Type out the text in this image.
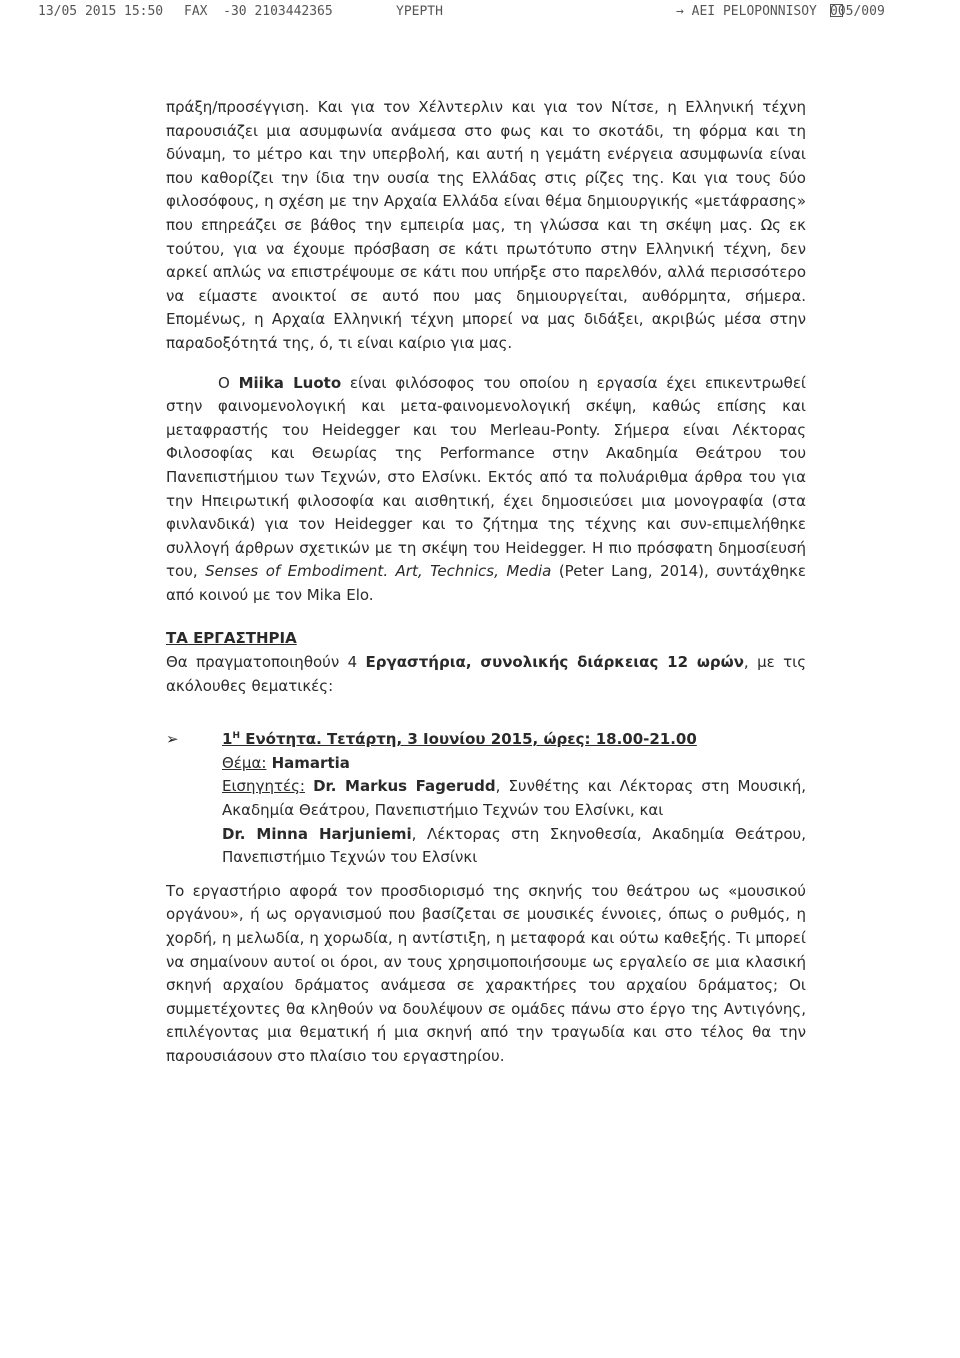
13/05 2015 15:50 FAX  -30 2103442365	ΥΡΕΡΤΗ	→ AEI PELOPONNISOY 005/009

πράξη/προσέγγιση. Και για τον Χέλντερλιν και για τον Νίτσε, η Ελληνική τέχνη παρουσιάζει μια ασυμφωνία ανάμεσα στο φως και το σκοτάδι, τη φόρμα και τη δύναμη, το μέτρο και την υπερβολή, και αυτή η γεμάτη ενέργεια ασυμφωνία είναι που καθορίζει την ίδια την ουσία της Ελλάδας στις ρίζες της. Και για τους δύο φιλοσόφους, η σχέση με την Αρχαία Ελλάδα είναι θέμα δημιουργικής «μετάφρασης» που επηρεάζει σε βάθος την εμπειρία μας, τη γλώσσα και τη σκέψη μας. Ως εκ τούτου, για να έχουμε πρόσβαση σε κάτι πρωτότυπο στην Ελληνική τέχνη, δεν αρκεί απλώς να επιστρέψουμε σε κάτι που υπήρξε στο παρελθόν, αλλά περισσότερο να είμαστε ανοικτοί σε αυτό που μας δημιουργείται, αυθόρμητα, σήμερα. Επομένως, η Αρχαία Ελληνική τέχνη μπορεί να μας διδάξει, ακριβώς μέσα στην παραδοξότητά της, ό, τι είναι καίριο για μας.

Ο Miika Luoto είναι φιλόσοφος του οποίου η εργασία έχει επικεντρωθεί στην φαινομενολογική και μετα-φαινομενολογική σκέψη, καθώς επίσης και μεταφραστής του Heidegger και του Merleau-Ponty. Σήμερα είναι Λέκτορας Φιλοσοφίας και Θεωρίας της Performance στην Ακαδημία Θεάτρου του Πανεπιστήμιου των Τεχνών, στο Ελσίνκι. Εκτός από τα πολυάριθμα άρθρα του για την Ηπειρωτική φιλοσοφία και αισθητική, έχει δημοσιεύσει μια μονογραφία (στα φινλανδικά) για τον Heidegger και το ζήτημα της τέχνης και συν-επιμελήθηκε συλλογή άρθρων σχετικών με τη σκέψη του Heidegger. Η πιο πρόσφατη δημοσίευσή του, Senses of Embodiment. Art, Technics, Media (Peter Lang, 2014), συντάχθηκε από κοινού με τον Mika Elo.

ΤΑ ΕΡΓΑΣΤΗΡΙΑ

Θα πραγματοποιηθούν 4 Εργαστήρια, συνολικής διάρκειας 12 ωρών, με τις ακόλουθες θεματικές:

➢	$1^H$ Ενότητα. Τετάρτη, 3 Ιουνίου 2015, ώρες: 18.00-21.00
Θέμα: Hamartia
Εισηγητές: Dr. Markus Fagerudd, Συνθέτης και Λέκτορας στη Μουσική, Ακαδημία Θεάτρου, Πανεπιστήμιο Τεχνών του Ελσίνκι, και
Dr. Minna Harjuniemi, Λέκτορας στη Σκηνοθεσία, Ακαδημία Θεάτρου, Πανεπιστήμιο Τεχνών του Ελσίνκι

Το εργαστήριο αφορά τον προσδιορισμό της σκηνής του θεάτρου ως «μουσικού οργάνου», ή ως οργανισμού που βασίζεται σε μουσικές έννοιες, όπως ο ρυθμός, η χορδή, η μελωδία, η χορωδία, η αντίστιξη, η μεταφορά και ούτω καθεξής. Τι μπορεί να σημαίνουν αυτοί οι όροι, αν τους χρησιμοποιήσουμε ως εργαλείο σε μια κλασική σκηνή αρχαίου δράματος ανάμεσα σε χαρακτήρες του αρχαίου δράματος; Οι συμμετέχοντες θα κληθούν να δουλέψουν σε ομάδες πάνω στο έργο της Αντιγόνης, επιλέγοντας μια θεματική ή μια σκηνή από την τραγωδία και στο τέλος θα την παρουσιάσουν στο πλαίσιο του εργαστηρίου.
